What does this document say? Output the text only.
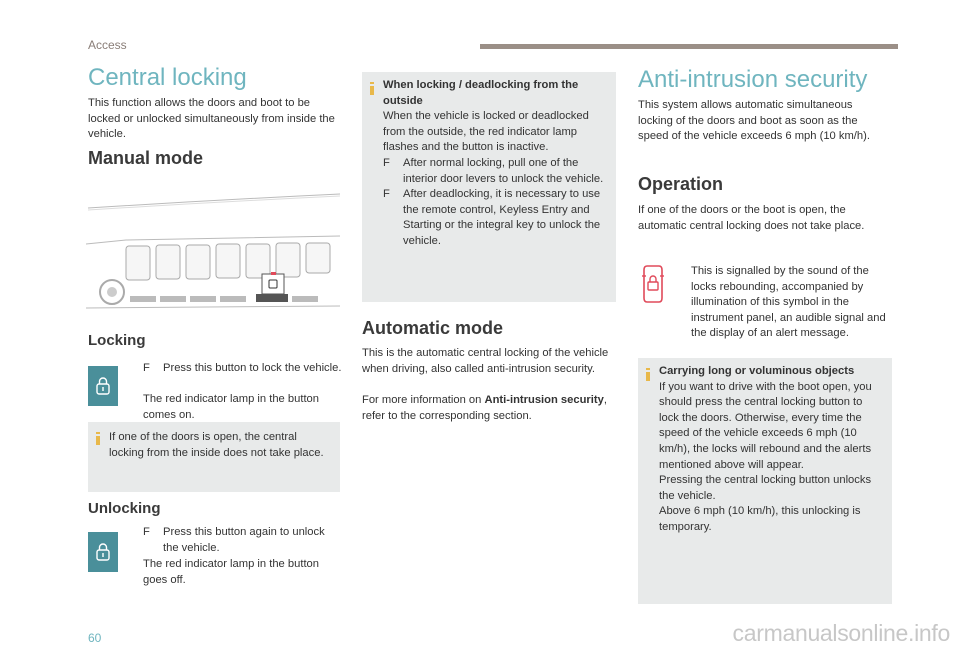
Access
Central locking

This function allows the doors and boot to be locked or unlocked simultaneously from inside the vehicle.

Manual mode
Locking
F	Press this button to lock the vehicle.

The red indicator lamp in the button comes on.

If one of the doors is open, the central locking from the inside does not take place.

Unlocking
F	Press this button again to unlock the vehicle.

The red indicator lamp in the button goes off.

When locking / deadlocking from the outside

When the vehicle is locked or deadlocked from the outside, the red indicator lamp flashes and the button is inactive.

F	After normal locking, pull one of the interior door levers to unlock the vehicle.
F	After deadlocking, it is necessary to use the remote control, Keyless Entry and Starting or the integral key to unlock the vehicle.
Automatic mode

This is the automatic central locking of the vehicle when driving, also called anti-intrusion security.

For more information on Anti-intrusion security, refer to the corresponding section.

Anti-intrusion security

This system allows automatic simultaneous locking of the doors and boot as soon as the speed of the vehicle exceeds 6 mph (10 km/h).

Operation

If one of the doors or the boot is open, the automatic central locking does not take place.

This is signalled by the sound of the locks rebounding, accompanied by illumination of this symbol in the instrument panel, an audible signal and the display of an alert message.

Carrying long or voluminous objects

If you want to drive with the boot open, you should press the central locking button to lock the doors. Otherwise, every time the speed of the vehicle exceeds 6 mph (10 km/h), the locks will rebound and the alerts mentioned above will appear.

Pressing the central locking button unlocks the vehicle.

Above 6 mph (10 km/h), this unlocking is temporary.

60	carmanualsonline.info
